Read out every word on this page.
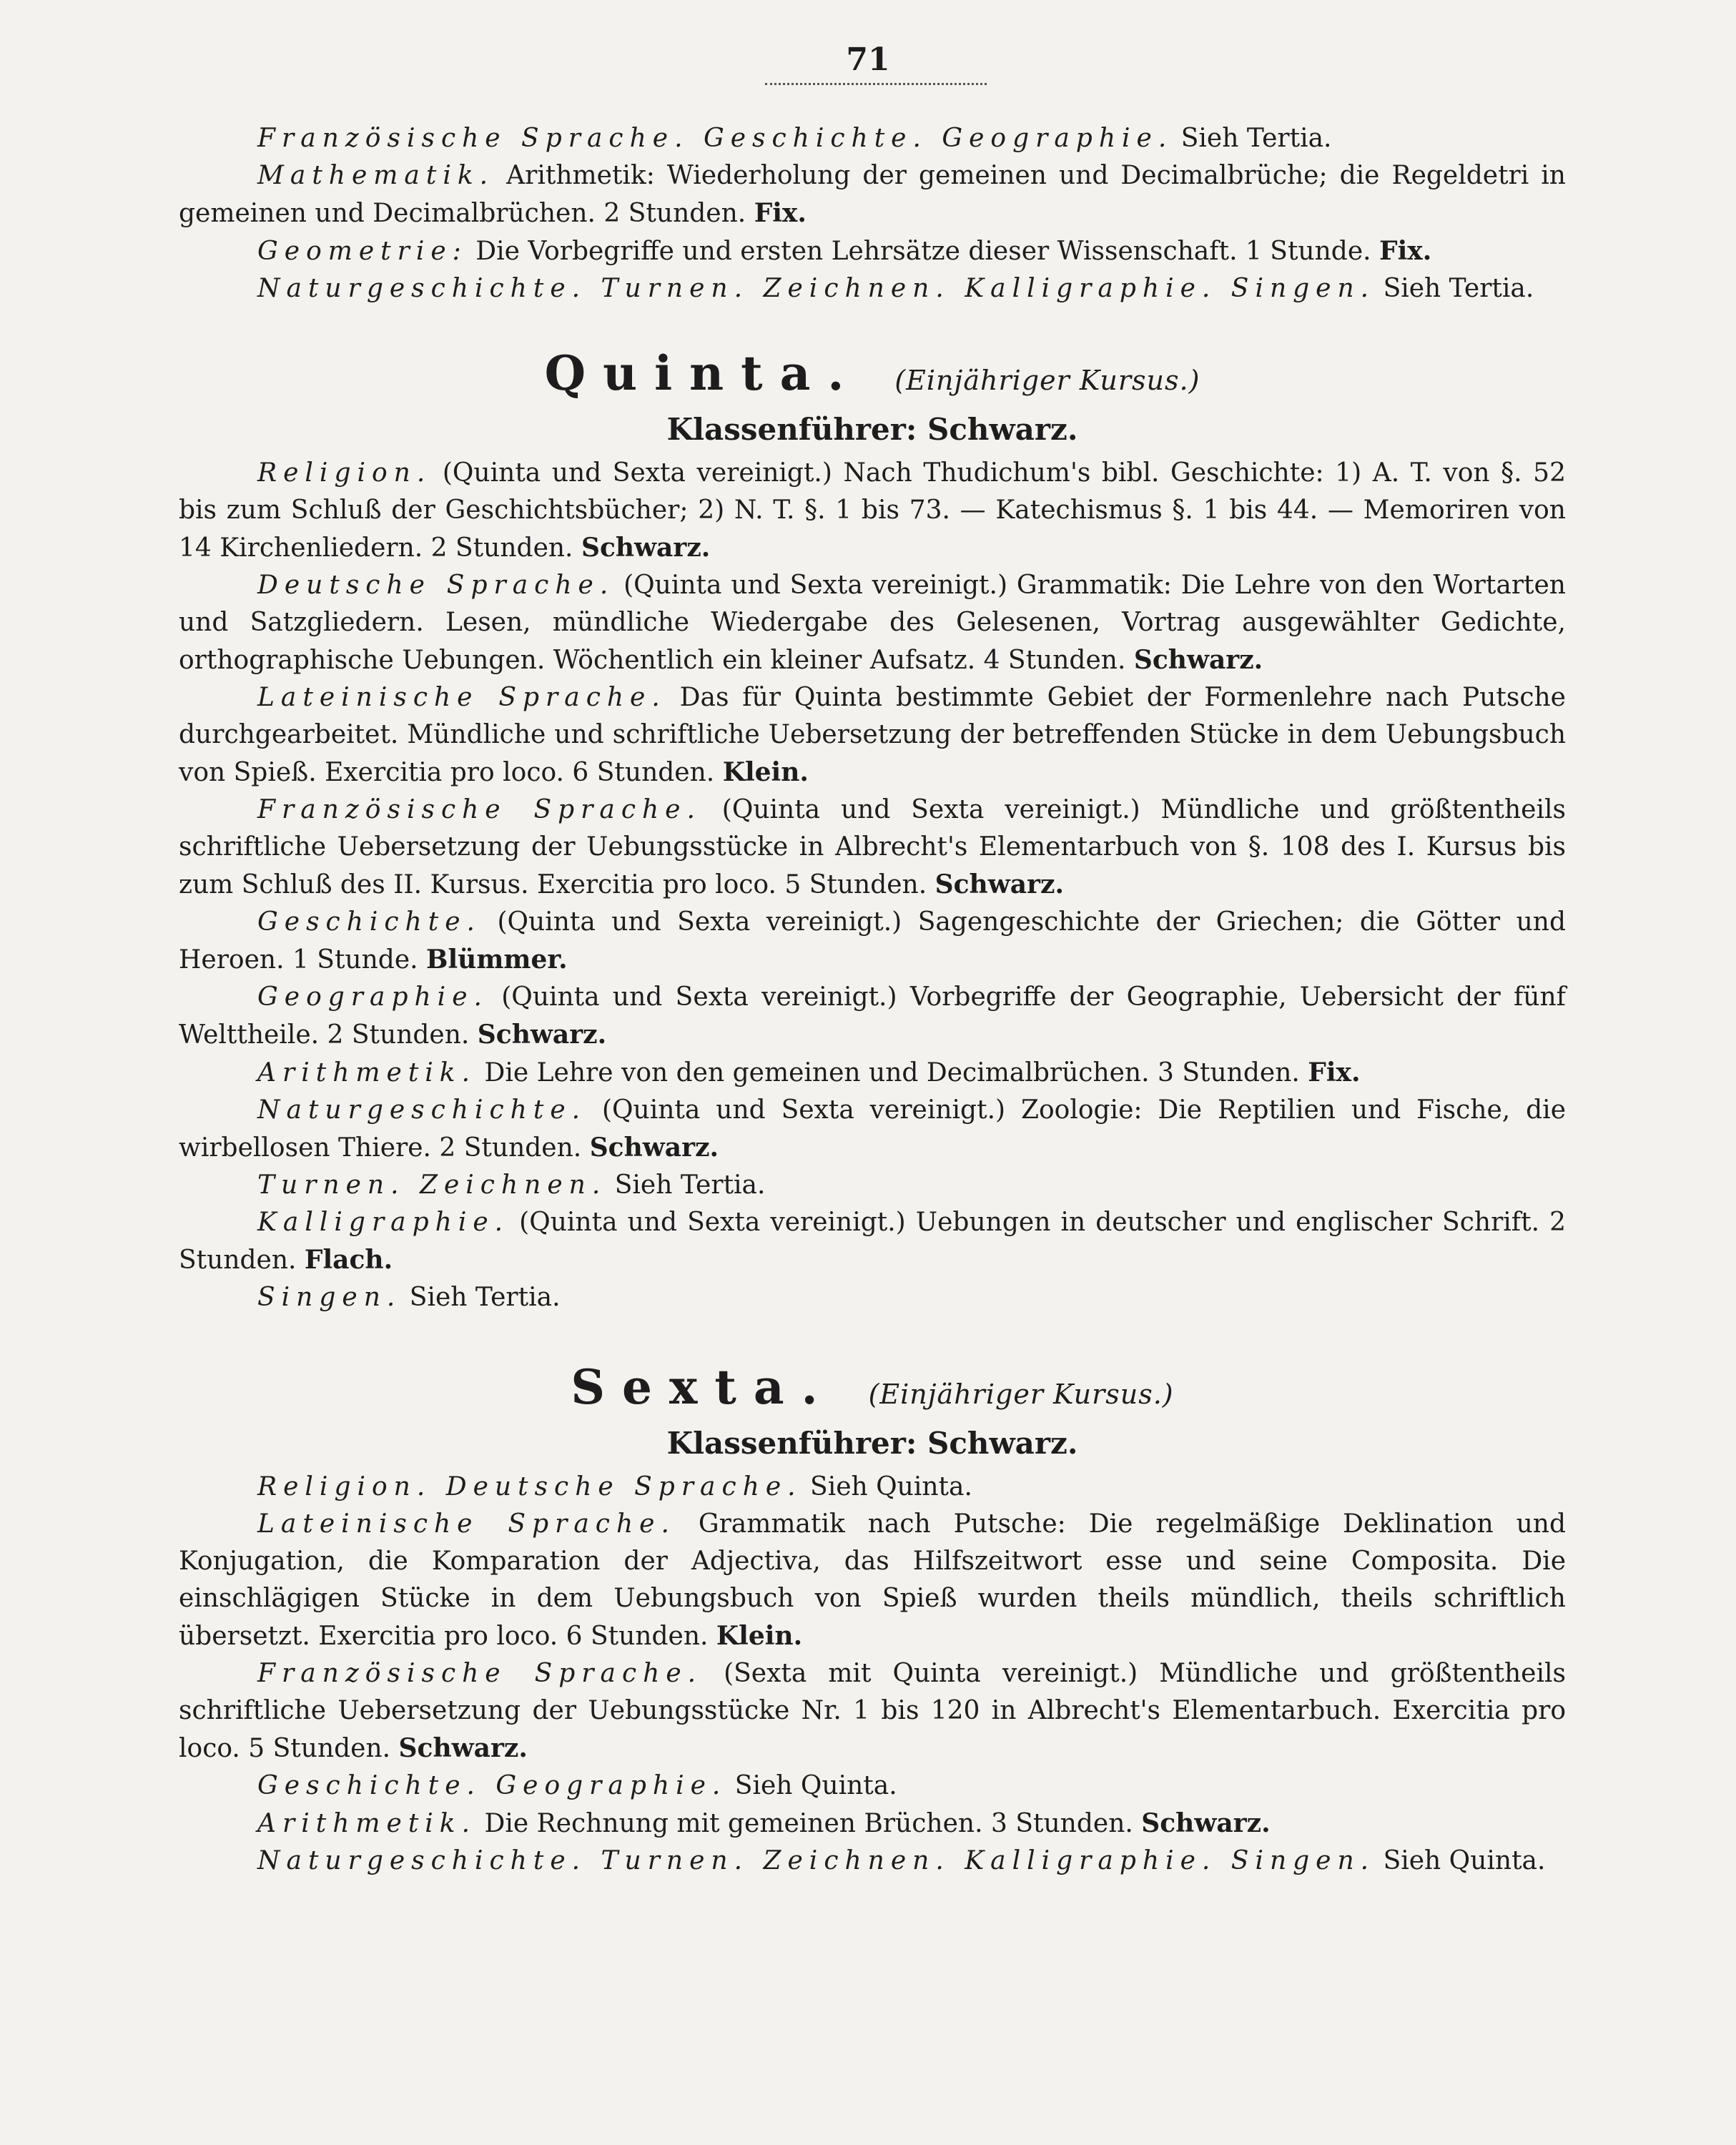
71

Französische Sprache. Geschichte. Geographie. Sieh Tertia.

Mathematik. Arithmetik: Wiederholung der gemeinen und Decimalbrüche; die Regeldetri in gemeinen und Decimalbrüchen. 2 Stunden. Fix.

Geometrie: Die Vorbegriffe und ersten Lehrsätze dieser Wissenschaft. 1 Stunde. Fix.

Naturgeschichte. Turnen. Zeichnen. Kalligraphie. Singen. Sieh Tertia.

Quinta. (Einjähriger Kursus.)
Klassenführer: Schwarz.

Religion. (Quinta und Sexta vereinigt.) Nach Thudichum's bibl. Geschichte: 1) A. T. von §. 52 bis zum Schluß der Geschichtsbücher; 2) N. T. §. 1 bis 73. — Katechismus §. 1 bis 44. — Memoriren von 14 Kirchenliedern. 2 Stunden. Schwarz.

Deutsche Sprache. (Quinta und Sexta vereinigt.) Grammatik: Die Lehre von den Wortarten und Satzgliedern. Lesen, mündliche Wiedergabe des Gelesenen, Vortrag ausgewählter Gedichte, orthographische Uebungen. Wöchentlich ein kleiner Aufsatz. 4 Stunden. Schwarz.

Lateinische Sprache. Das für Quinta bestimmte Gebiet der Formenlehre nach Putsche durchgearbeitet. Mündliche und schriftliche Uebersetzung der betreffenden Stücke in dem Uebungsbuch von Spieß. Exercitia pro loco. 6 Stunden. Klein.

Französische Sprache. (Quinta und Sexta vereinigt.) Mündliche und größtentheils schriftliche Uebersetzung der Uebungsstücke in Albrecht's Elementarbuch von §. 108 des I. Kursus bis zum Schluß des II. Kursus. Exercitia pro loco. 5 Stunden. Schwarz.

Geschichte. (Quinta und Sexta vereinigt.) Sagengeschichte der Griechen; die Götter und Heroen. 1 Stunde. Blümmer.

Geographie. (Quinta und Sexta vereinigt.) Vorbegriffe der Geographie, Uebersicht der fünf Welttheile. 2 Stunden. Schwarz.

Arithmetik. Die Lehre von den gemeinen und Decimalbrüchen. 3 Stunden. Fix.

Naturgeschichte. (Quinta und Sexta vereinigt.) Zoologie: Die Reptilien und Fische, die wirbellosen Thiere. 2 Stunden. Schwarz.

Turnen. Zeichnen. Sieh Tertia.

Kalligraphie. (Quinta und Sexta vereinigt.) Uebungen in deutscher und englischer Schrift. 2 Stunden. Flach.

Singen. Sieh Tertia.

Sexta. (Einjähriger Kursus.)
Klassenführer: Schwarz.

Religion. Deutsche Sprache. Sieh Quinta.

Lateinische Sprache. Grammatik nach Putsche: Die regelmäßige Deklination und Konjugation, die Komparation der Adjectiva, das Hilfszeitwort esse und seine Composita. Die einschlägigen Stücke in dem Uebungsbuch von Spieß wurden theils mündlich, theils schriftlich übersetzt. Exercitia pro loco. 6 Stunden. Klein.

Französische Sprache. (Sexta mit Quinta vereinigt.) Mündliche und größtentheils schriftliche Uebersetzung der Uebungsstücke Nr. 1 bis 120 in Albrecht's Elementarbuch. Exercitia pro loco. 5 Stunden. Schwarz.

Geschichte. Geographie. Sieh Quinta.

Arithmetik. Die Rechnung mit gemeinen Brüchen. 3 Stunden. Schwarz.

Naturgeschichte. Turnen. Zeichnen. Kalligraphie. Singen. Sieh Quinta.
